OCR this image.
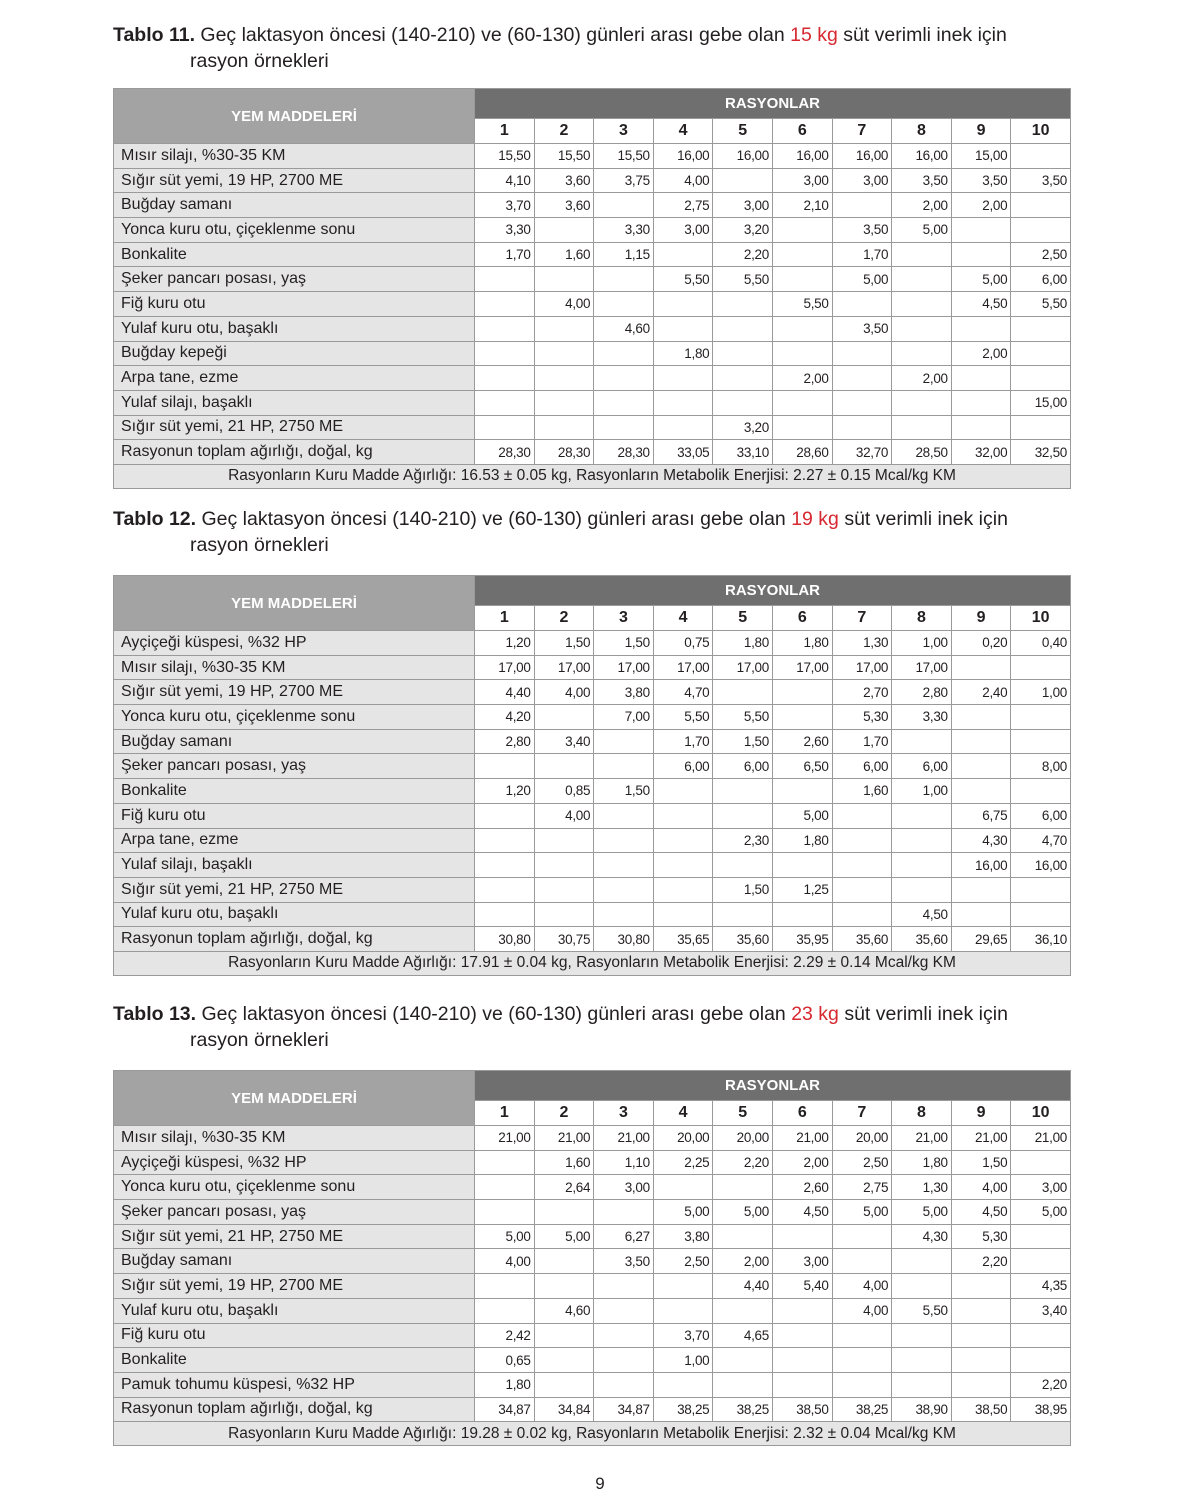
Tablo 11. Geç laktasyon öncesi (140-210) ve (60-130) günleri arası gebe olan 15 kg süt verimli inek için
rasyon örnekleri

YEM MADDELERİ	RASYONLAR									
	1	2	3	4	5	6	7	8	9	10
Mısır silajı, %30-35 KM	15,50	15,50	15,50	16,00	16,00	16,00	16,00	16,00	15,00	
Sığır süt yemi, 19 HP, 2700 ME	4,10	3,60	3,75	4,00		3,00	3,00	3,50	3,50	3,50
Buğday samanı	3,70	3,60		2,75	3,00	2,10		2,00	2,00	
Yonca kuru otu, çiçeklenme sonu	3,30		3,30	3,00	3,20		3,50	5,00		
Bonkalite	1,70	1,60	1,15		2,20		1,70			2,50
Şeker pancarı posası, yaş				5,50	5,50		5,00		5,00	6,00
Fiğ kuru otu		4,00				5,50			4,50	5,50
Yulaf kuru otu, başaklı			4,60				3,50			
Buğday kepeği				1,80					2,00	
Arpa tane, ezme						2,00		2,00		
Yulaf silajı, başaklı										15,00
Sığır süt yemi, 21 HP, 2750 ME					3,20					
Rasyonun toplam ağırlığı, doğal, kg	28,30	28,30	28,30	33,05	33,10	28,60	32,70	28,50	32,00	32,50
Rasyonların Kuru Madde Ağırlığı: 16.53 ± 0.05 kg, Rasyonların Metabolik Enerjisi: 2.27 ± 0.15 Mcal/kg KM										

Tablo 12. Geç laktasyon öncesi (140-210) ve (60-130) günleri arası gebe olan 19 kg süt verimli inek için
rasyon örnekleri

YEM MADDELERİ	RASYONLAR									
	1	2	3	4	5	6	7	8	9	10
Ayçiçeği küspesi, %32 HP	1,20	1,50	1,50	0,75	1,80	1,80	1,30	1,00	0,20	0,40
Mısır silajı, %30-35 KM	17,00	17,00	17,00	17,00	17,00	17,00	17,00	17,00		
Sığır süt yemi, 19 HP, 2700 ME	4,40	4,00	3,80	4,70			2,70	2,80	2,40	1,00
Yonca kuru otu, çiçeklenme sonu	4,20		7,00	5,50	5,50		5,30	3,30		
Buğday samanı	2,80	3,40		1,70	1,50	2,60	1,70			
Şeker pancarı posası, yaş				6,00	6,00	6,50	6,00	6,00		8,00
Bonkalite	1,20	0,85	1,50				1,60	1,00		
Fiğ kuru otu		4,00				5,00			6,75	6,00
Arpa tane, ezme					2,30	1,80			4,30	4,70
Yulaf silajı, başaklı									16,00	16,00
Sığır süt yemi, 21 HP, 2750 ME					1,50	1,25				
Yulaf kuru otu, başaklı								4,50		
Rasyonun toplam ağırlığı, doğal, kg	30,80	30,75	30,80	35,65	35,60	35,95	35,60	35,60	29,65	36,10
Rasyonların Kuru Madde Ağırlığı: 17.91 ± 0.04 kg, Rasyonların Metabolik Enerjisi: 2.29 ± 0.14 Mcal/kg KM										

Tablo 13. Geç laktasyon öncesi (140-210) ve (60-130) günleri arası gebe olan 23 kg süt verimli inek için
rasyon örnekleri

YEM MADDELERİ	RASYONLAR									
	1	2	3	4	5	6	7	8	9	10
Mısır silajı, %30-35 KM	21,00	21,00	21,00	20,00	20,00	21,00	20,00	21,00	21,00	21,00
Ayçiçeği küspesi, %32 HP		1,60	1,10	2,25	2,20	2,00	2,50	1,80	1,50	
Yonca kuru otu, çiçeklenme sonu		2,64	3,00			2,60	2,75	1,30	4,00	3,00
Şeker pancarı posası, yaş				5,00	5,00	4,50	5,00	5,00	4,50	5,00
Sığır süt yemi, 21 HP, 2750 ME	5,00	5,00	6,27	3,80				4,30	5,30	
Buğday samanı	4,00		3,50	2,50	2,00	3,00			2,20	
Sığır süt yemi, 19 HP, 2700 ME					4,40	5,40	4,00			4,35
Yulaf kuru otu, başaklı		4,60					4,00	5,50		3,40
Fiğ kuru otu	2,42			3,70	4,65					
Bonkalite	0,65			1,00						
Pamuk tohumu küspesi, %32 HP	1,80									2,20
Rasyonun toplam ağırlığı, doğal, kg	34,87	34,84	34,87	38,25	38,25	38,50	38,25	38,90	38,50	38,95
Rasyonların Kuru Madde Ağırlığı: 19.28 ± 0.02 kg, Rasyonların Metabolik Enerjisi: 2.32 ± 0.04 Mcal/kg KM										
9
